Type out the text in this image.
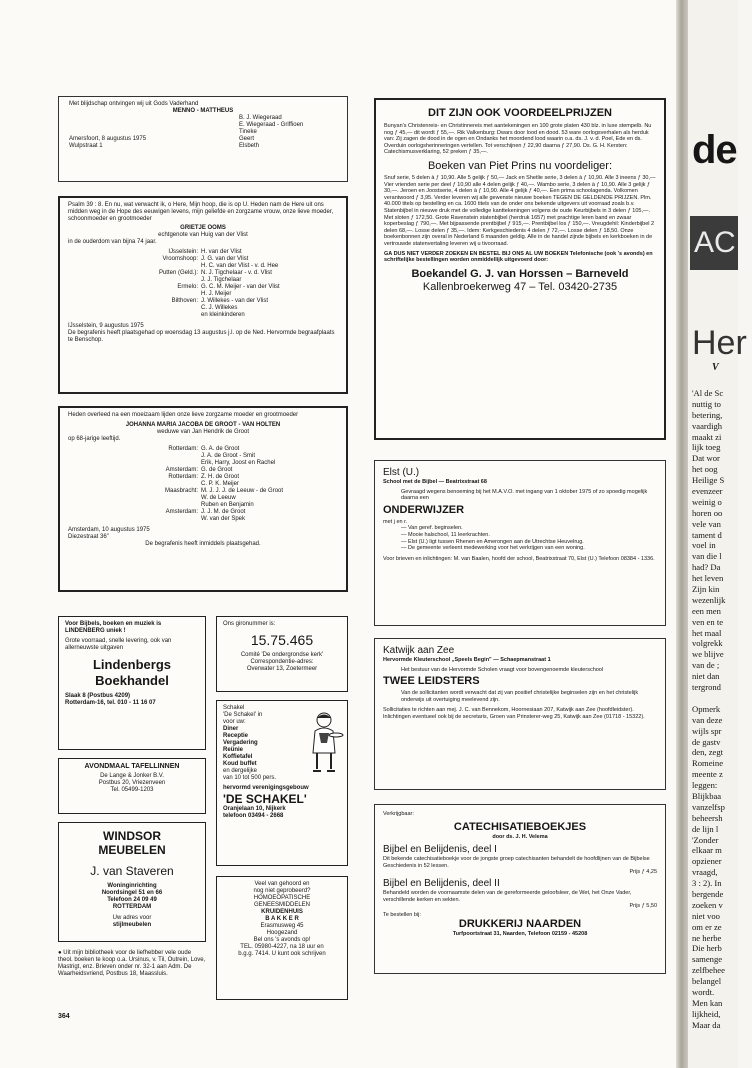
Met blijdschap ontvingen wij uit Gods Vaderhand

MENNO - MATTHEUS

B. J. Wiegeraad

E. Wiegeraad - Griffioen

Tineke

Amersfoort, 8 augustus 1975	Geert

Wulpstraat 1	Elsbeth

Psalm 39 : 8. En nu, wat verwacht ik, o Here, Mijn hoop, die is op U. Heden nam de Here uit ons midden weg in de Hope des eeuwigen levens, mijn geliefde en zorgzame vrouw, onze lieve moeder, schoonmoeder en grootmoeder

GRIETJE OOMS

echtgenote van Huig van der Vlist

in de ouderdom van bijna 74 jaar.

IJsselstein: H. van der Vlist
Vroomshoop: J. G. van der Vlist
H. C. van der Vlist - v. d. Hee
Putten (Geld.): N. J. Tigchelaar - v. d. Vlist
J. J. Tigchelaar
Ermelo: G. C. M. Meijer - van der Vlist
H. J. Meijer
Bilthoven: J. Willekes - van der Vlist
C. J. Willekes
en kleinkinderen

IJsselstein, 9 augustus 1975

De begrafenis heeft plaatsgehad op woensdag 13 augustus j.l. op de Ned. Hervormde begraafplaats te Benschop.

Heden overleed na een moeizaam lijden onze lieve zorgzame moeder en grootmoeder

JOHANNA MARIA JACOBA DE GROOT - VAN HOLTEN

weduwe van Jan Hendrik de Groot

op 68-jarige leeftijd.

Rotterdam: G. A. de Groot
J. A. de Groot - Smit
Erik, Harry, Joost en Rachel
Amsterdam: G. de Groot
Rotterdam: Z. H. de Groot
C. P. K. Meijer
Maasbracht: M. J. J. J. de Leeuw - de Groot
W. de Leeuw
Ruben en Benjamin
Amsterdam: J. J. M. de Groot
W. van der Spek

Amsterdam, 10 augustus 1975

Diezestraat 36"

De begrafenis heeft inmiddels plaatsgehad.

Voor Bijbels, boeken en muziek is LINDENBERG uniek !

Grote voorraad, snelle levering, ook van allerneuwste uitgaven

Lindenbergs

Boekhandel

Slaak 8 (Postbus 4209)

Rotterdam-16, tel. 010 - 11 16 07

Ons gironummer is:

15.75.465

Comité 'De ondergrondse kerk'

Correspondentie-adres:

Overwater 13, Zoetermeer

AVONDMAAL TAFELLINNEN

De Lange & Jonker B.V.

Postbus 20, Vriezenveen

Tel. 05499-1203

Schakel

'De Schakel' in

voor uw:

Diner

Receptie

Vergadering

Reünie

Koffietafel

Koud buffet

en dergelijke

van 10 tot 500 pers.

hervormd verenigingsgebouw

'DE SCHAKEL'

Oranjelaan 10, Nijkerk

telefoon 03494 - 2668

WINDSOR

MEUBELEN

J. van Staveren

Woninginrichting

Noordsingel 51 en 66

Telefoon 24 09 49

ROTTERDAM

Uw adres voor

stijlmeubelen

Veel van gehoord en

nog niet geprobeerd?

HOMOEOPATISCHE

GENEESMIDDELEN

KRUIDENHUIS

B A K K E R

Erasmusweg 45

Hoogezand

Bel ons 's avonds op!

TEL. 05980-4227, na 18 uur en

b.g.g. 7414. U kunt ook schrijven

● Uit mijn bibliotheek voor de liefhebber vele oude theol. boeken te koop o.a. Ursinus, v. Til, Outrein, Love, Mastrigt, enz. Brieven onder nr. 32-1 aan Adm. De Waarheidsvriend, Postbus 18, Maassluis.

364

DIT ZIJN OOK VOORDEELPRIJZEN

Bunyan's Christenreis- en Christinnereis met aantekeningen en 100 grote platen 430 blz. in luxe stempelb. Nu nog ƒ 45,— dit wordt ƒ 55,—. Rik Valkenburg: Dwars door lood en dood. 53 ware oorlogsverhalen als herduk van: Zij zagen de dood in de ogen en Ondanks het moordend lood waarin o.a. ds. J. v. d. Poel, Ede en ds. Overduin oorlogsherinneringen vertellen. Tot verschijnen ƒ 22,90 daarna ƒ 27,90. Ds. G. H. Kersten: Catechismusverklaring, 52 preken ƒ 35,—.

Boeken van Piet Prins nu voordeliger:

Snuf serie, 5 delen à ƒ 10,90. Alle 5 gelijk ƒ 50,— Jack en Shetlie serie, 3 delen à ƒ 10,90. Alle 3 ineens ƒ 30,— Vier vrienden serie per deel ƒ 10,90 alle 4 delen gelijk ƒ 40,—. Wambo serie, 3 delen à ƒ 10,90. Alle 3 gelijk ƒ 30,—. Jeroen en Joostserie, 4 delen à ƒ 10,90. Alle 4 gelijk ƒ 40,—. Een prima schoolagenda. Volkomen verantwoord ƒ 3,95. Verder leveren wij alle gewenste nieuwe boeken TEGEN DE GELDENDE PRIJZEN. Plm. 40.000 titels op bestelling en ca. 1600 titels van de onder ons bekende uitgevers uit voorraad zoals b.v. Statenbijbel in nieuwe druk met de volledige kanttekeningen volgens de oude Keurbijbels in 3 delen ƒ 105,—. Met sloten ƒ 172,50. Grote Ravenstein statenbijbel (herdruk 1657) met prachtige leren band en zwaar koperbeslag ƒ 790,—. Met bijpassende prentbijbel ƒ 915,—. Prentbijbel los ƒ 150,—. Vreugdehil: Kinderbijbel 2 delen 68,—. Losse delen ƒ 35,—. Idem: Kerkgeschiedenis 4 delen ƒ 72,—. Losse delen ƒ 18,50. Onze boekenbonnen zijn overal in Nederland 6 maanden geldig. Alle in de handel zijnde bijbels en kerkboeken in de vertrouwde statenvertaling leveren wij u tivoorraad.

GA DUS NIET VERDER ZOEKEN EN BESTEL BIJ ONS AL UW BOEKEN Telefonische (ook 's avonds) en schriftelijke bestellingen worden onmiddellijk uitgevoerd door:

Boekandel G. J. van Horssen – Barneveld

Kallenbroekerweg 47 – Tel. 03420-2735

Elst (U.)

School met de Bijbel — Beatrixstraat 68

Gevraagd wegens benoeming bij het M.A.V.O. met ingang van 1 oktober 1975 of zo spoedig mogelijk daarna een

ONDERWIJZER

met j en r.

— Van geref. beginselen.

— Mooie halschool, 11 leerkrachten.

— Elst (U.) ligt tussen Rhenen en Amerongen aan de Utrechtse Heuvelrug.

— De gemeente verleent medewerking voor het verkrijgen van een woning.

Voor brieven en inlichtingen: M. van Baalen, hoofd der school, Beatrixstraat 70, Elst (U.) Telefoon 08384 - 1336.

Katwijk aan Zee

Hervormde Kleuterschool „Speels Begin" — Schaepmanstraat 1

Het bestuur van de Hervormde Scholen vraagt voor bovengenoemde kleuterschool

TWEE LEIDSTERS

Van de sollicitanten wordt verwacht dat zij van positief christelijke beginselen zijn en het christelijk onderwijs uit overtuiging meelevend zijn.

Sollicitaties te richten aan mej. J. C. van Bennekom, Hoornesiaan 207, Katwijk aan Zee (hoofdleidster). Inlichtingen eventueel ook bij de secretaris, Groen van Prinsterer-weg 25, Katwijk aan Zee (01718 - 15322).

Verkrijgbaar:

CATECHISATIEBOEKJES

door ds. J. H. Velema

Bijbel en Belijdenis, deel I

Dit bekende catechisatieboekje voor de jongste groep catechisanten behandelt de hoofdlijnen van de Bijbelse Geschiedenis in 52 lessen.

Prijs ƒ 4,25

Bijbel en Belijdenis, deel II

Behandeld worden de voornaamste delen van de gereformeerde geloofsleer, de Wet, het Onze Vader, verschillende kerken en sekten.

Prijs ƒ 5,50

Te bestellen bij:

DRUKKERIJ NAARDEN

Turfpoortstraat 31, Naarden, Telefoon 02159 - 45208

de

AC

Her

V

'Al de Sc

nuttig to

betering,

vaardigh

maakt zi

lijk toeg

Dat wor

het oog

Heilige S

evenzeer

weinig o

horen oo

vele van

tament d

voel in

van die l

had? Da

het leven

Zijn kin

wezenlijk

een men

ven en te

het maal

volgrekk

we blijve

van de ;

niet dan

tergrond

Opmerk

van deze

wijls spr

de gastv

den, zegt

Romeine

meente z

leggen:

Blijkbaa

vanzelfsp

beheersh

de lijn l

'Zonder

elkaar m

opziener

vraagd,

3 : 2). In

bergende

zoeken v

niet voo

om er ze

ne herbe

Die herb

samenge

zelfbehee

belangel

wordt.

Men kan

lijkheid,

Maar da
